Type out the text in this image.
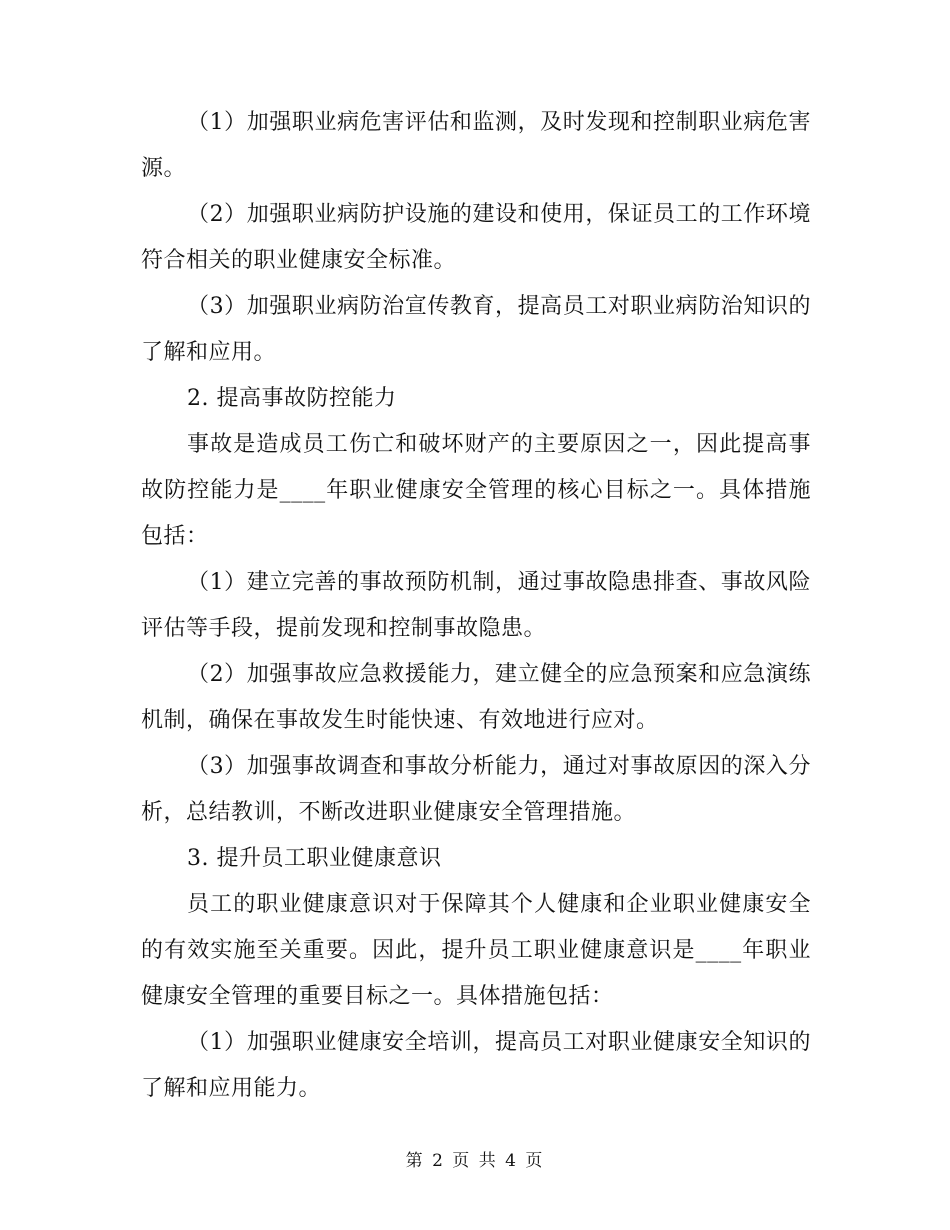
（1）加强职业病危害评估和监测，及时发现和控制职业病危害源。

（2）加强职业病防护设施的建设和使用，保证员工的工作环境符合相关的职业健康安全标准。

（3）加强职业病防治宣传教育，提高员工对职业病防治知识的了解和应用。

2. 提高事故防控能力

事故是造成员工伤亡和破坏财产的主要原因之一，因此提高事故防控能力是____年职业健康安全管理的核心目标之一。具体措施包括：

（1）建立完善的事故预防机制，通过事故隐患排查、事故风险评估等手段，提前发现和控制事故隐患。

（2）加强事故应急救援能力，建立健全的应急预案和应急演练机制，确保在事故发生时能快速、有效地进行应对。

（3）加强事故调查和事故分析能力，通过对事故原因的深入分析，总结教训，不断改进职业健康安全管理措施。

3. 提升员工职业健康意识

员工的职业健康意识对于保障其个人健康和企业职业健康安全的有效实施至关重要。因此，提升员工职业健康意识是____年职业健康安全管理的重要目标之一。具体措施包括：

（1）加强职业健康安全培训，提高员工对职业健康安全知识的了解和应用能力。

第 2 页 共 4 页
